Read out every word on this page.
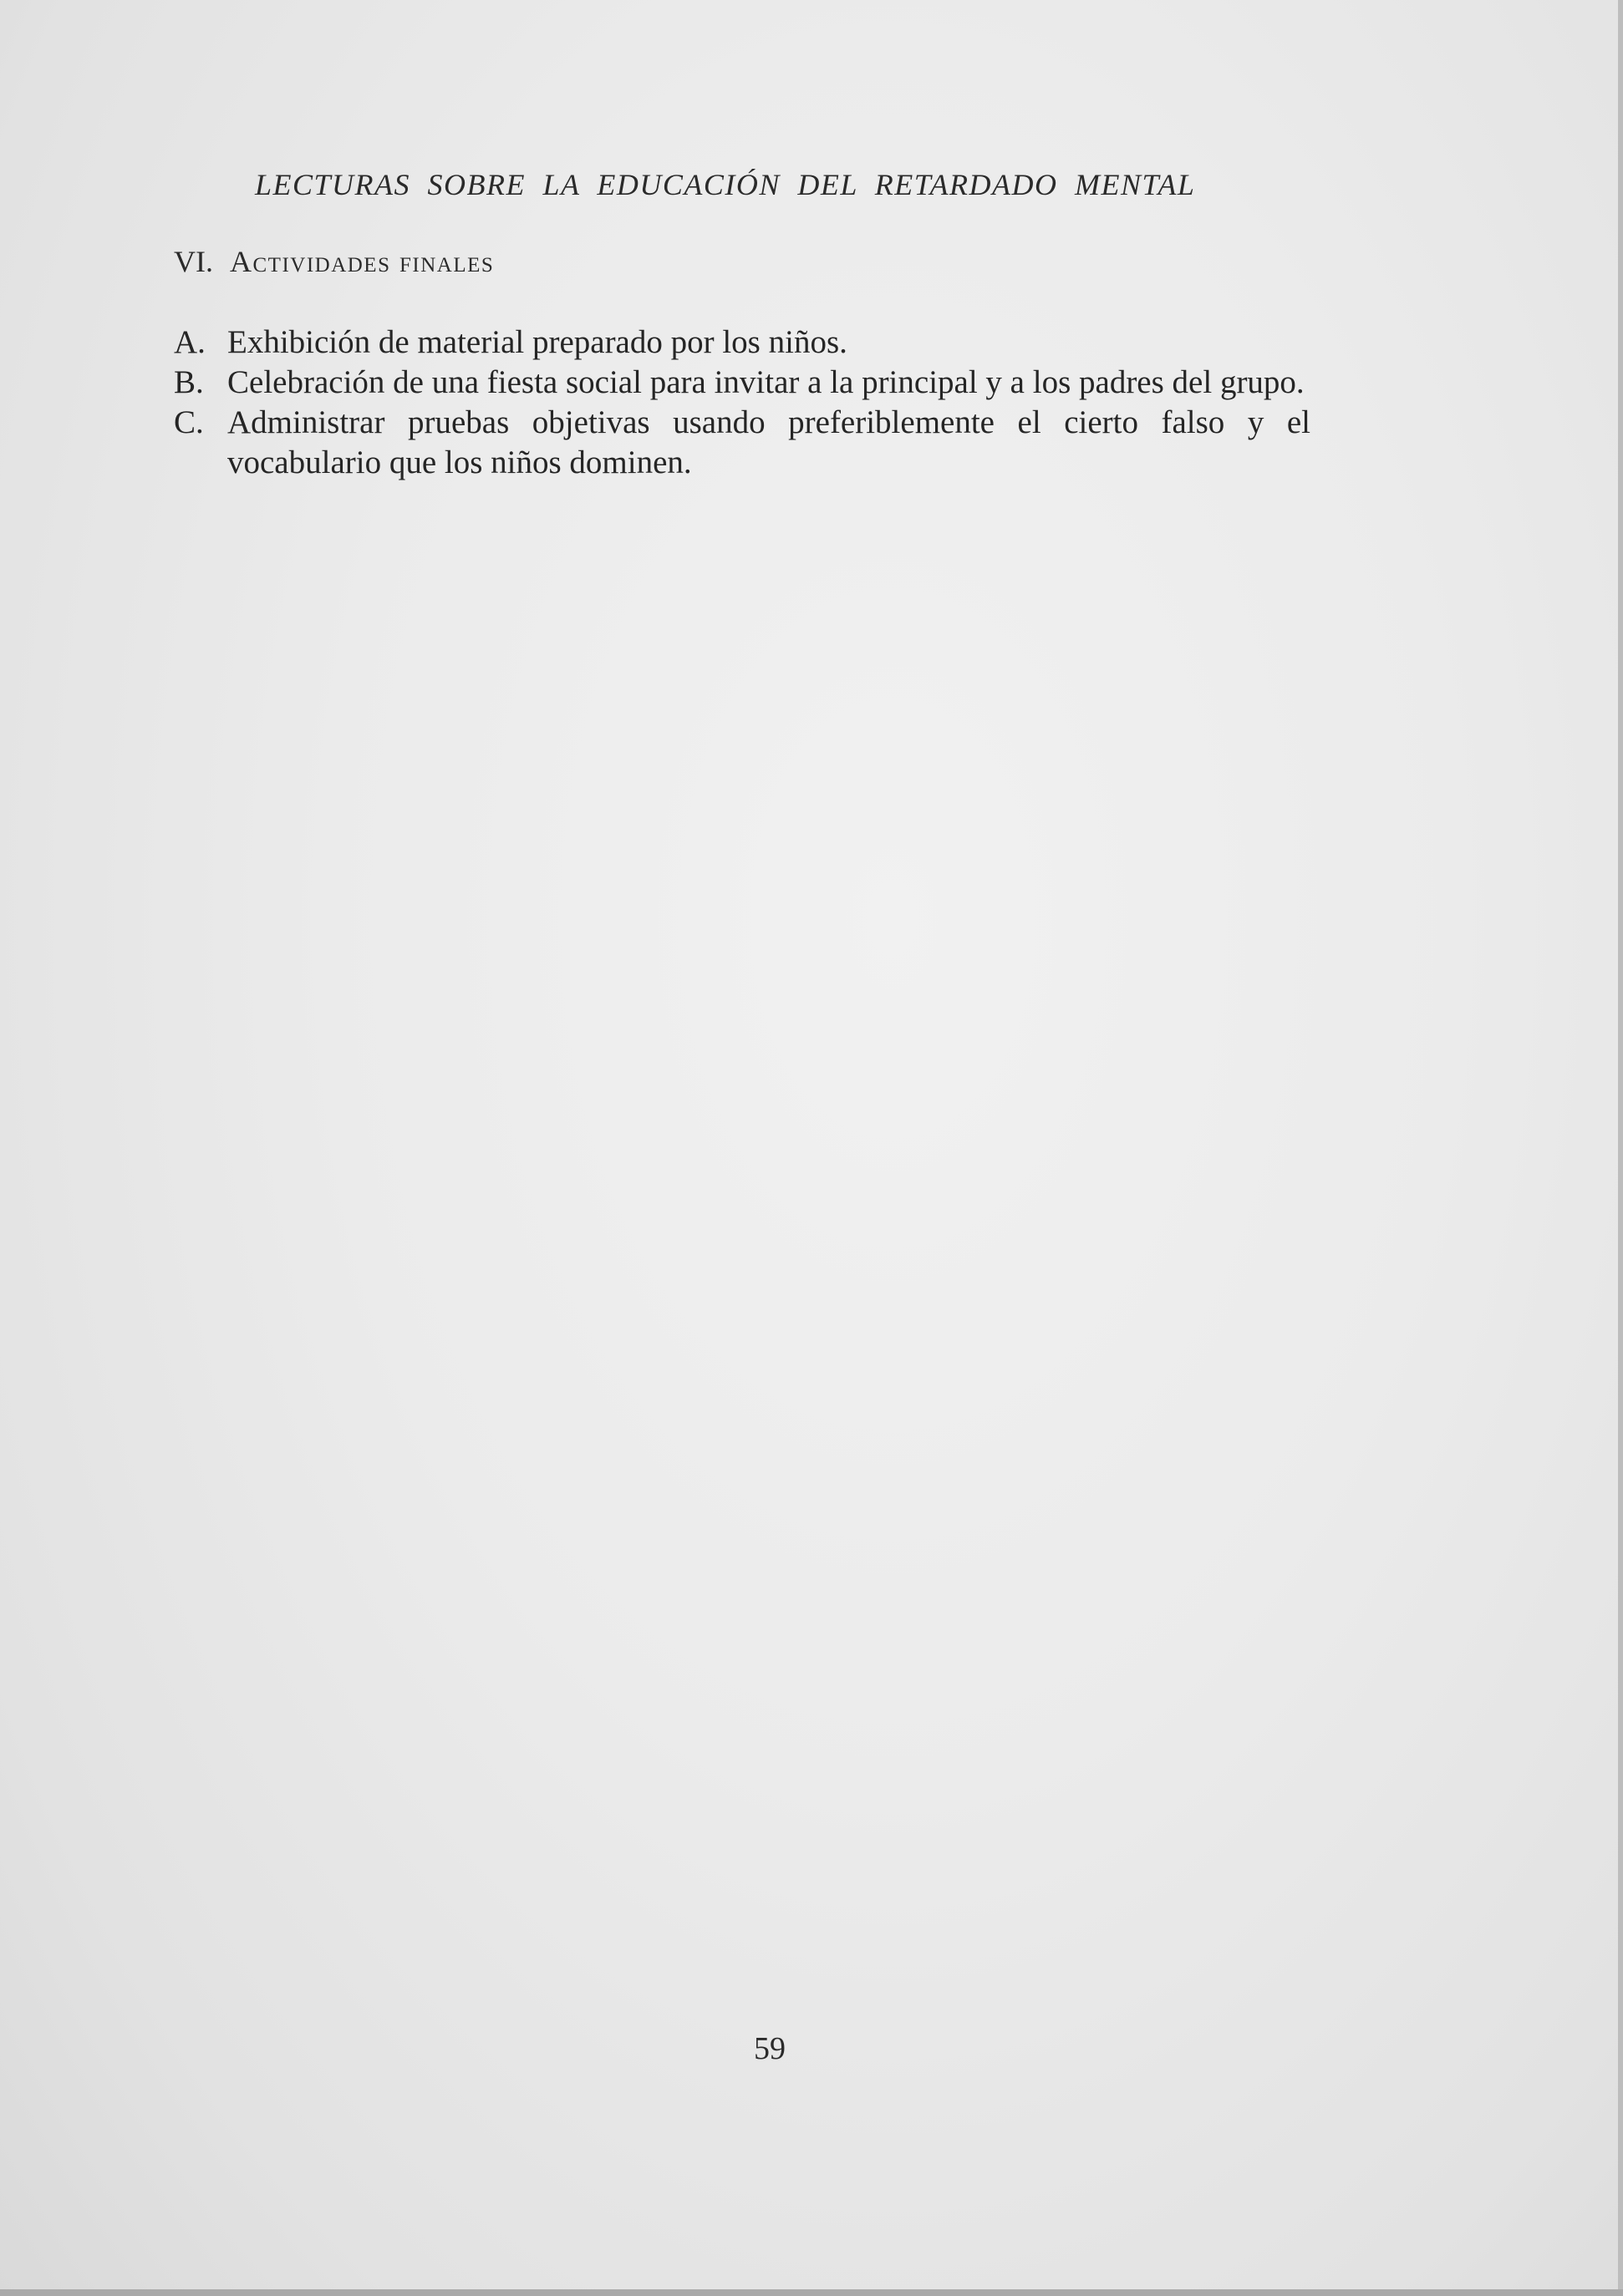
LECTURAS SOBRE LA EDUCACIÓN DEL RETARDADO MENTAL
VI. Actividades finales
A. Exhibición de material preparado por los niños.
B. Celebración de una fiesta social para invitar a la principal y a los padres del grupo.
C. Administrar pruebas objetivas usando preferiblemente el cierto falso y el vocabulario que los niños dominen.
59
